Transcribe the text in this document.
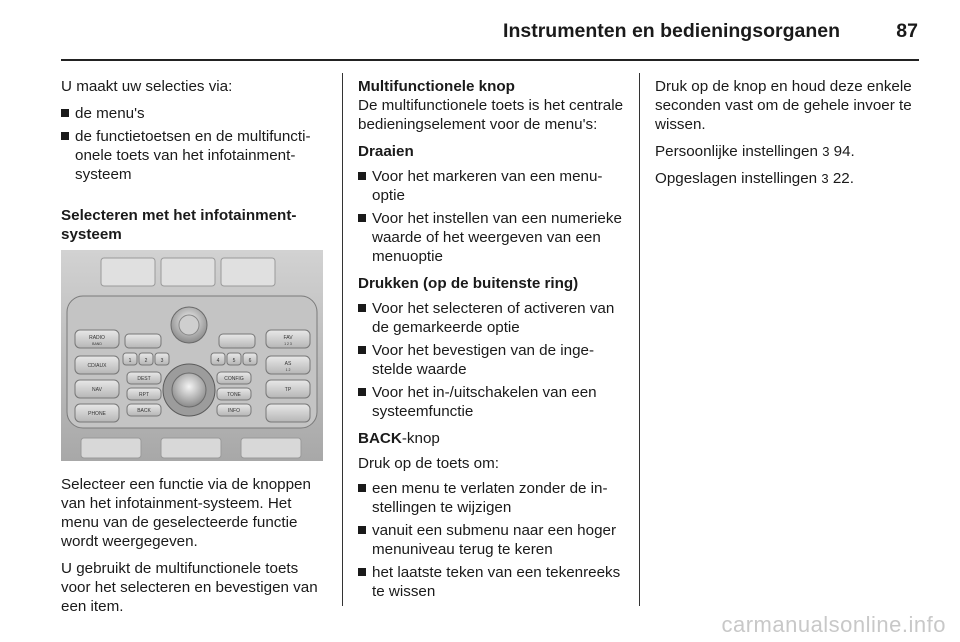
Instrumenten en bedieningsorganen	87

U maakt uw selecties via:

de menu's
de functietoetsen en de multifunctionele toets van het infotainmentsysteem
Selecteren met het infotainmentsysteem
RADIO
BAND
CD/AUX
NAV
PHONE
FAV
1 2 3
AS
1 2
TP
DEST
RPT
BACK
CONFIG
TONE
INFO
1	2	3	4	5	6

Selecteer een functie via de knoppen van het infotainment-systeem. Het menu van de geselecteerde functie wordt weergegeven.

U gebruikt de multifunctionele toets voor het selecteren en bevestigen van een item.

Multifunctionele knop

De multifunctionele toets is het centrale bedieningselement voor de menu's:

Draaien
Voor het markeren van een menuoptie
Voor het instellen van een numerieke waarde of het weergeven van een menuoptie
Drukken (op de buitenste ring)
Voor het selecteren of activeren van de gemarkeerde optie
Voor het bevestigen van de ingestelde waarde
Voor het in-/uitschakelen van een systeemfunctie

BACK-knop

Druk op de toets om:

een menu te verlaten zonder de instellingen te wijzigen
vanuit een submenu naar een hoger menuniveau terug te keren
het laatste teken van een tekenreeks te wissen

Druk op de knop en houd deze enkele seconden vast om de gehele invoer te wissen.

Persoonlijke instellingen 3 94.

Opgeslagen instellingen 3 22.

carmanualsonline.info
